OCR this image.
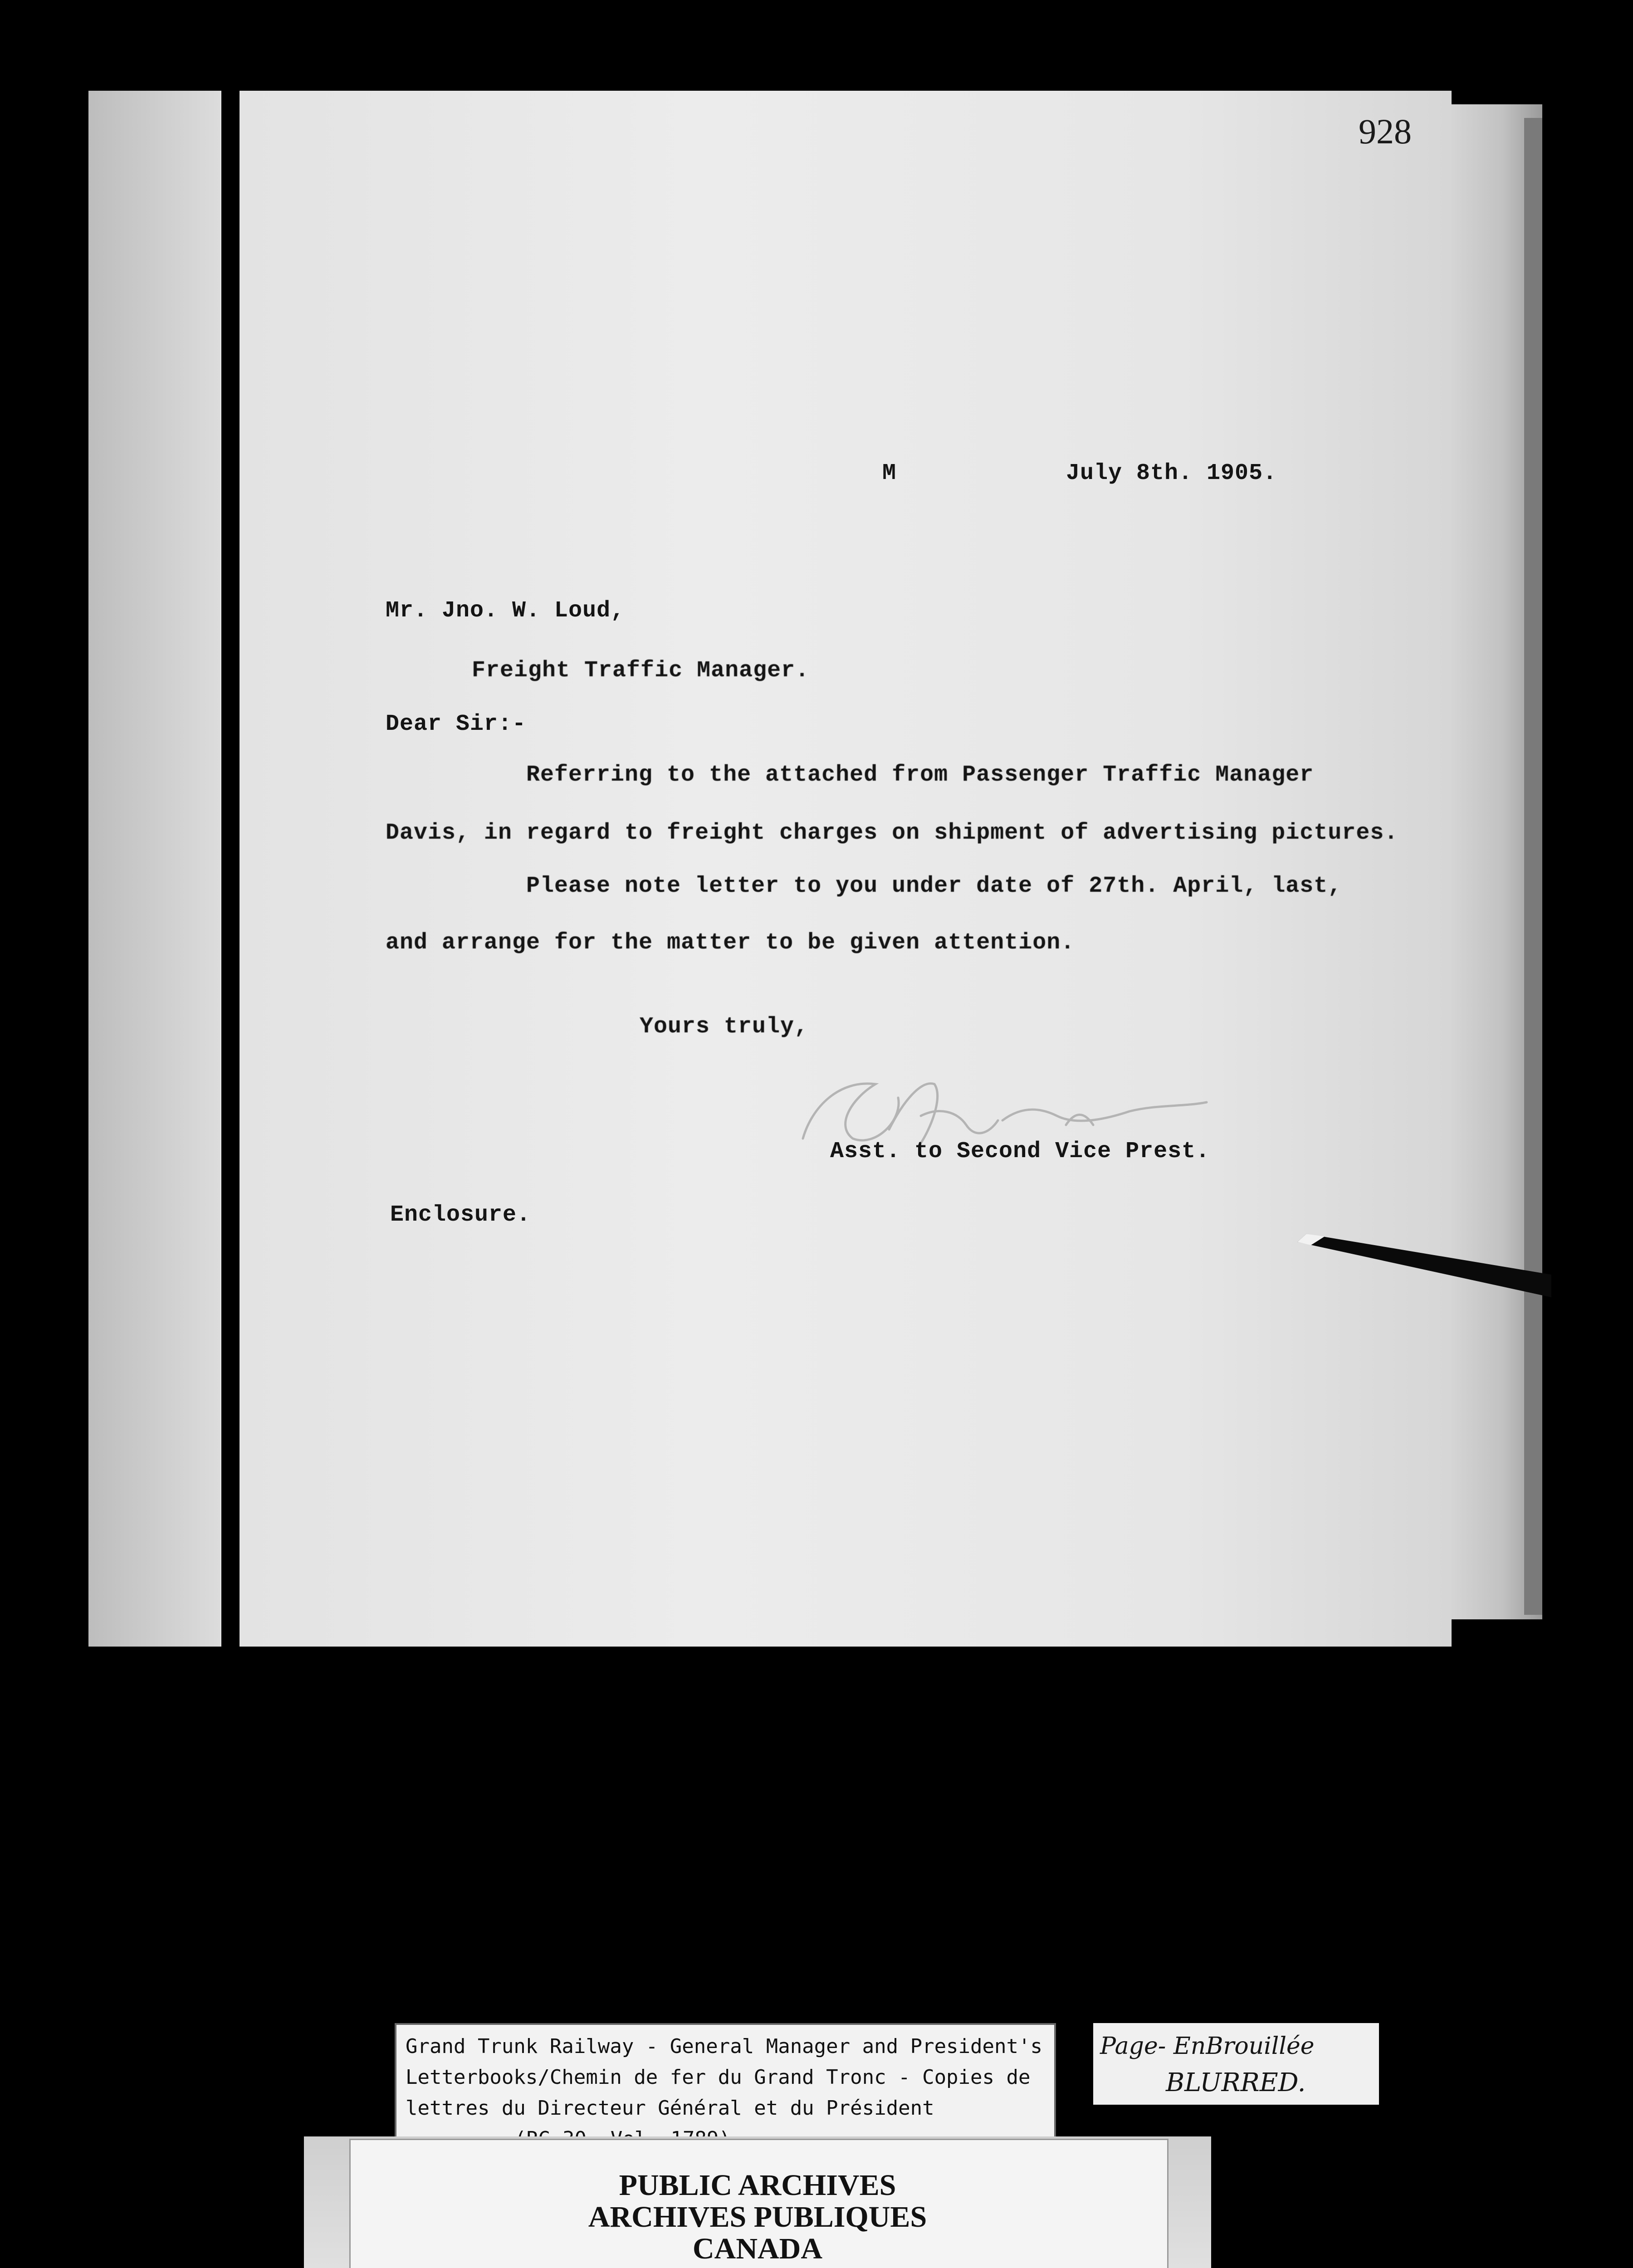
928
M	July 8th. 1905.
Mr. Jno. W. Loud,
Freight Traffic Manager.
Dear Sir:-
Referring to the attached from Passenger Traffic Manager
Davis, in regard to freight charges on shipment of advertising pictures.
Please note letter to you under date of 27th. April, last,
and arrange for the matter to be given attention.
Yours truly,
Asst. to Second Vice Prest.
Enclosure.
Grand Trunk Railway - General Manager and President's
Letterbooks/Chemin de fer du Grand Tronc - Copies de
lettres du Directeur Général et du Président
Page- EnBrouillée
BLURRED.
PUBLIC ARCHIVES
ARCHIVES PUBLIQUES
CANADA
